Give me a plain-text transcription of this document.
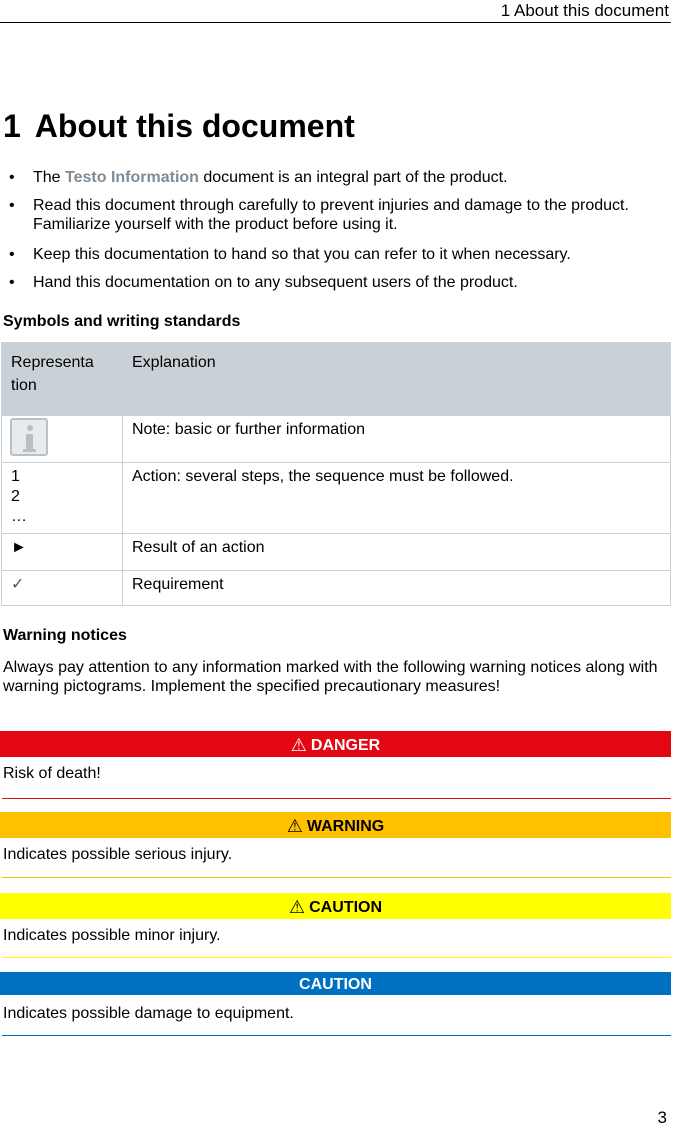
1 About this document
1 About this document
• The Testo Information document is an integral part of the product.
• Read this document through carefully to prevent injuries and damage to the product. Familiarize yourself with the product before using it.
• Keep this documentation to hand so that you can refer to it when necessary.
• Hand this documentation on to any subsequent users of the product.
Symbols and writing standards
Representa
tion	Explanation

	Note: basic or further information

1
2
…	Action: several steps, the sequence must be followed.
►	Result of an action
✓	Requirement
Warning notices
Always pay attention to any information marked with the following warning notices along with warning pictograms. Implement the specified precautionary measures!
⚠ DANGER
Risk of death!
⚠ WARNING
Indicates possible serious injury.
⚠ CAUTION
Indicates possible minor injury.
CAUTION
Indicates possible damage to equipment.
3
